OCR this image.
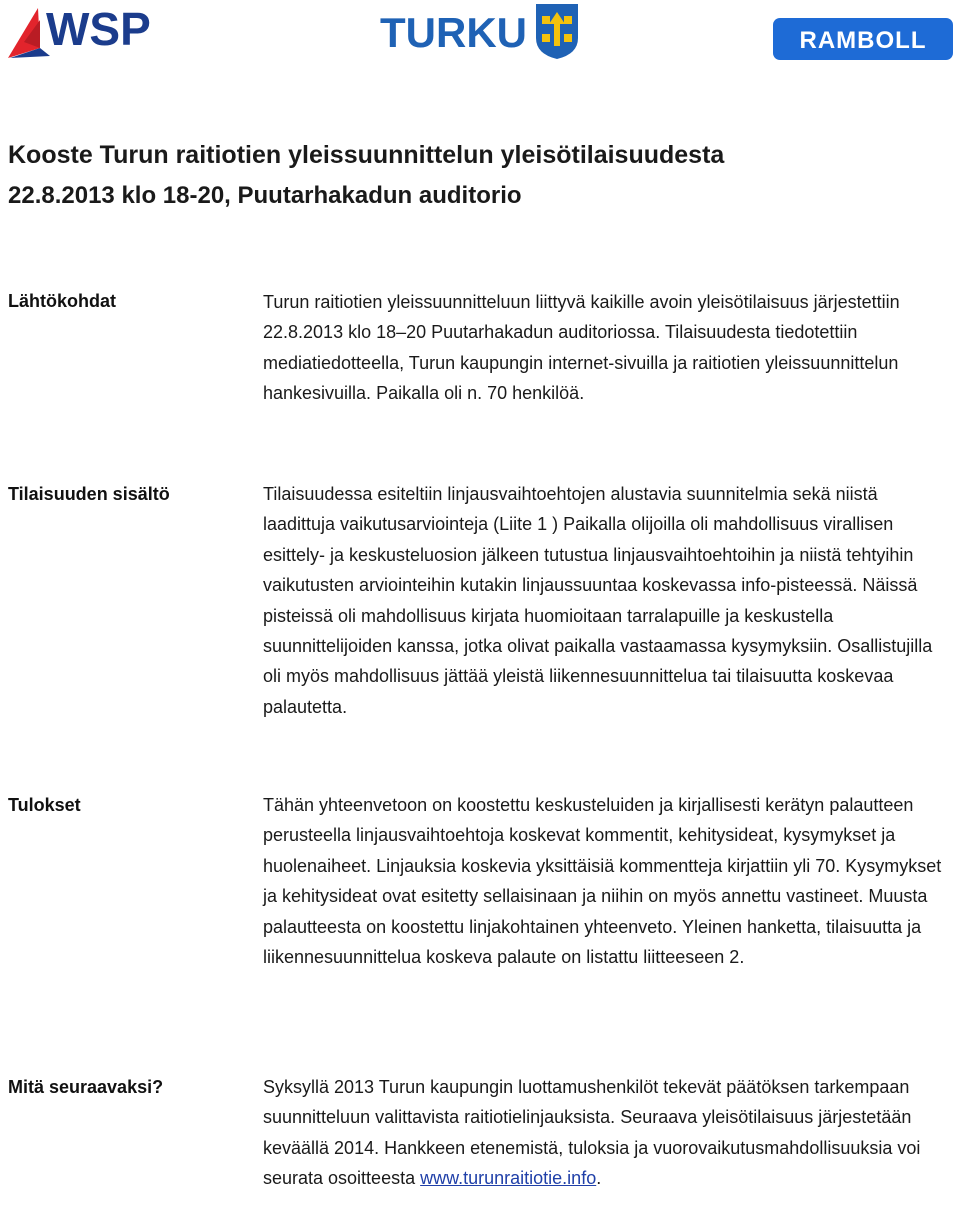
WSP	TURKU	RAMBOLL
Kooste Turun raitiotien yleissuunnittelun yleisötilaisuudesta
22.8.2013 klo 18-20, Puutarhakadun auditorio
Lähtökohdat	Turun raitiotien yleissuunnitteluun liittyvä kaikille avoin yleisötilaisuus järjestettiin 22.8.2013 klo 18–20 Puutarhakadun auditoriossa. Tilaisuudesta tiedotettiin mediatiedotteella, Turun kaupungin internet-sivuilla ja raitiotien yleissuunnittelun hankesivuilla. Paikalla oli n. 70 henkilöä.

Tilaisuuden sisältö	Tilaisuudessa esiteltiin linjausvaihtoehtojen alustavia suunnitelmia sekä niistä laadittuja vaikutusarviointeja (Liite 1 ) Paikalla olijoilla oli mahdollisuus virallisen esittely- ja keskusteluosion jälkeen tutustua linjausvaihtoehtoihin ja niistä tehtyihin vaikutusten arviointeihin kutakin linjaussuuntaa koskevassa info-pisteessä. Näissä pisteissä oli mahdollisuus kirjata huomioitaan tarralapuille ja keskustella suunnittelijoiden kanssa, jotka olivat paikalla vastaamassa kysymyksiin. Osallistujilla oli myös mahdollisuus jättää yleistä liikennesuunnittelua tai tilaisuutta koskevaa palautetta.

Tulokset	Tähän yhteenvetoon on koostettu keskusteluiden ja kirjallisesti kerätyn palautteen perusteella linjausvaihtoehtoja koskevat kommentit, kehitysideat, kysymykset ja huolenaiheet. Linjauksia koskevia yksittäisiä kommentteja kirjattiin yli 70. Kysymykset ja kehitysideat ovat esitetty sellaisinaan ja niihin on myös annettu vastineet. Muusta palautteesta on koostettu linjakohtainen yhteenveto. Yleinen hanketta, tilaisuutta ja liikennesuunnittelua koskeva palaute on listattu liitteeseen 2.

Mitä seuraavaksi?	Syksyllä 2013 Turun kaupungin luottamushenkilöt tekevät päätöksen tarkempaan suunnitteluun valittavista raitiotielinjauksista. Seuraava yleisötilaisuus järjestetään keväällä 2014. Hankkeen etenemistä, tuloksia ja vuorovaikutusmahdollisuuksia voi seurata osoitteesta www.turunraitiotie.info.
